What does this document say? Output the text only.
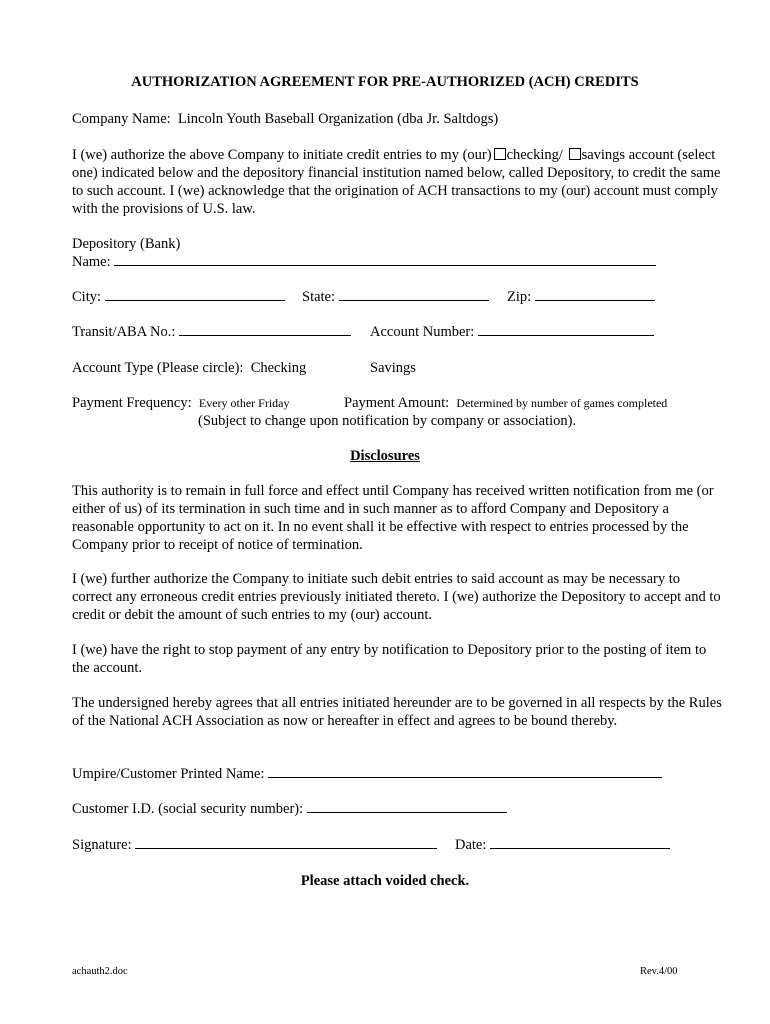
AUTHORIZATION AGREEMENT FOR PRE-AUTHORIZED (ACH) CREDITS
Company Name: Lincoln Youth Baseball Organization (dba Jr. Saltdogs)
I (we) authorize the above Company to initiate credit entries to my (our) checking/ savings account (select one) indicated below and the depository financial institution named below, called Depository, to credit the same to such account. I (we) acknowledge that the origination of ACH transactions to my (our) account must comply with the provisions of U.S. law.
Depository (Bank)
Name:
City:	State:	Zip:
Transit/ABA No.:	Account Number:
Account Type (Please circle): Checking	Savings
Payment Frequency: Every other Friday	Payment Amount: Determined by number of games completed
(Subject to change upon notification by company or association).
Disclosures
This authority is to remain in full force and effect until Company has received written notification from me (or either of us) of its termination in such time and in such manner as to afford Company and Depository a reasonable opportunity to act on it. In no event shall it be effective with respect to entries processed by the Company prior to receipt of notice of termination.
I (we) further authorize the Company to initiate such debit entries to said account as may be necessary to correct any erroneous credit entries previously initiated thereto. I (we) authorize the Depository to accept and to credit or debit the amount of such entries to my (our) account.
I (we) have the right to stop payment of any entry by notification to Depository prior to the posting of item to the account.
The undersigned hereby agrees that all entries initiated hereunder are to be governed in all respects by the Rules of the National ACH Association as now or hereafter in effect and agrees to be bound thereby.
Umpire/Customer Printed Name:
Customer I.D. (social security number):
Signature:	Date:
Please attach voided check.
achauth2.doc	Rev.4/00
